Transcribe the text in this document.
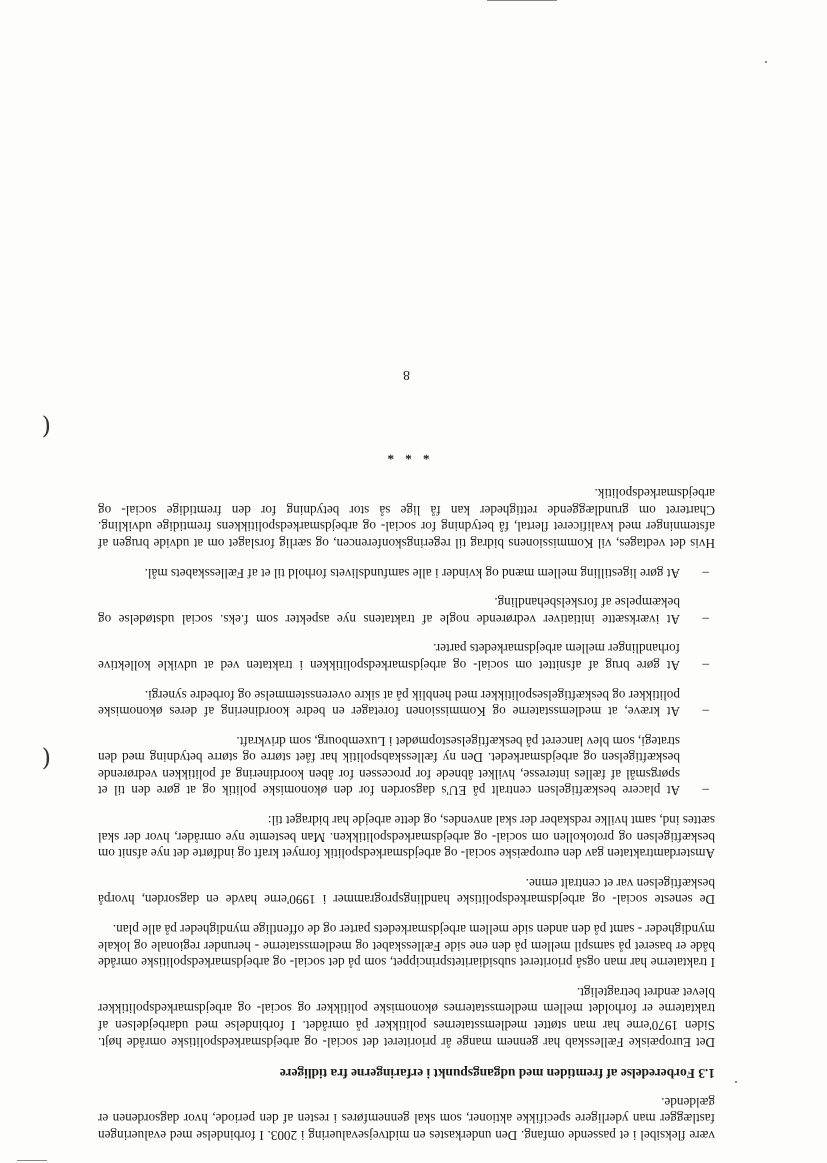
være fleksibel i et passende omfang. Den underkastes en midtvejsevaluering i 2003. I forbindelse med evalueringen fastlægger man yderligere specifikke aktioner, som skal gennemføres i resten af den periode, hvor dagsordenen er gældende.

1.3 Forberedelse af fremtiden med udgangspunkt i erfaringerne fra tidligere

Det Europæiske Fællesskab har gennem mange år prioriteret det social- og arbejdsmarkedspolitiske område højt. Siden 1970'erne har man støttet medlemsstaternes politikker på området. I forbindelse med udarbejdelsen af traktaterne er forholdet mellem medlemsstaternes økonomiske politikker og social- og arbejdsmarkedspolitikker blevet ændret betragteligt.

I traktaterne har man også prioriteret subsidiaritetsprincippet, som på det social- og arbejdsmarkedspolitiske område både er baseret på samspil mellem på den ene side Fællesskabet og medlemsstaterne - herunder regionale og lokale myndigheder - samt på den anden side mellem arbejdsmarkedets parter og de offentlige myndigheder på alle plan.

De seneste social- og arbejdsmarkedspolitiske handlingsprogrammer i 1990'erne havde en dagsorden, hvorpå beskæftigelsen var et centralt emne.

Amsterdamtraktaten gav den europæiske social- og arbejdsmarkedspolitik fornyet kraft og indførte det nye afsnit om beskæftigelsen og protokollen om social- og arbejdsmarkedspolitikken. Man bestemte nye områder, hvor der skal sættes ind, samt hvilke redskaber der skal anvendes, og dette arbejde har bidraget til:

– At placere beskæftigelsen centralt på EU's dagsorden for den økonomiske politik og at gøre den til et spørgsmål af fælles interesse, hvilket åbnede for processen for åben koordinering af politikken vedrørende beskæftigelsen og arbejdsmarkedet. Den ny fællesskabspolitik har fået større og større betydning med den strategi, som blev lanceret på beskæftigelsestopmødet i Luxembourg, som drivkraft.
– At kræve, at medlemsstaterne og Kommissionen foretager en bedre koordinering af deres økonomiske politikker og beskæftigelsespolitikker med henblik på at sikre overensstemmelse og forbedre synergi.
– At gøre brug af afsnittet om social- og arbejdsmarkedspolitikken i traktaten ved at udvikle kollektive forhandlinger mellem arbejdsmarkedets parter.
– At iværksætte initiativer vedrørende nogle af traktatens nye aspekter som f.eks. social udstødelse og bekæmpelse af forskelsbehandling.
– At gøre ligestilling mellem mænd og kvinder i alle samfundslivets forhold til et af Fællesskabets mål.

Hvis det vedtages, vil Kommissionens bidrag til regeringskonferencen, og særlig forslaget om at udvide brugen af afstemninger med kvalificeret flertal, få betydning for social- og arbejdsmarkedspolitikkens fremtidige udvikling. Charteret om grundlæggende rettigheder kan få lige så stor betydning for den fremtidige social- og arbejdsmarkedspolitik.

* * *
8
(
(
